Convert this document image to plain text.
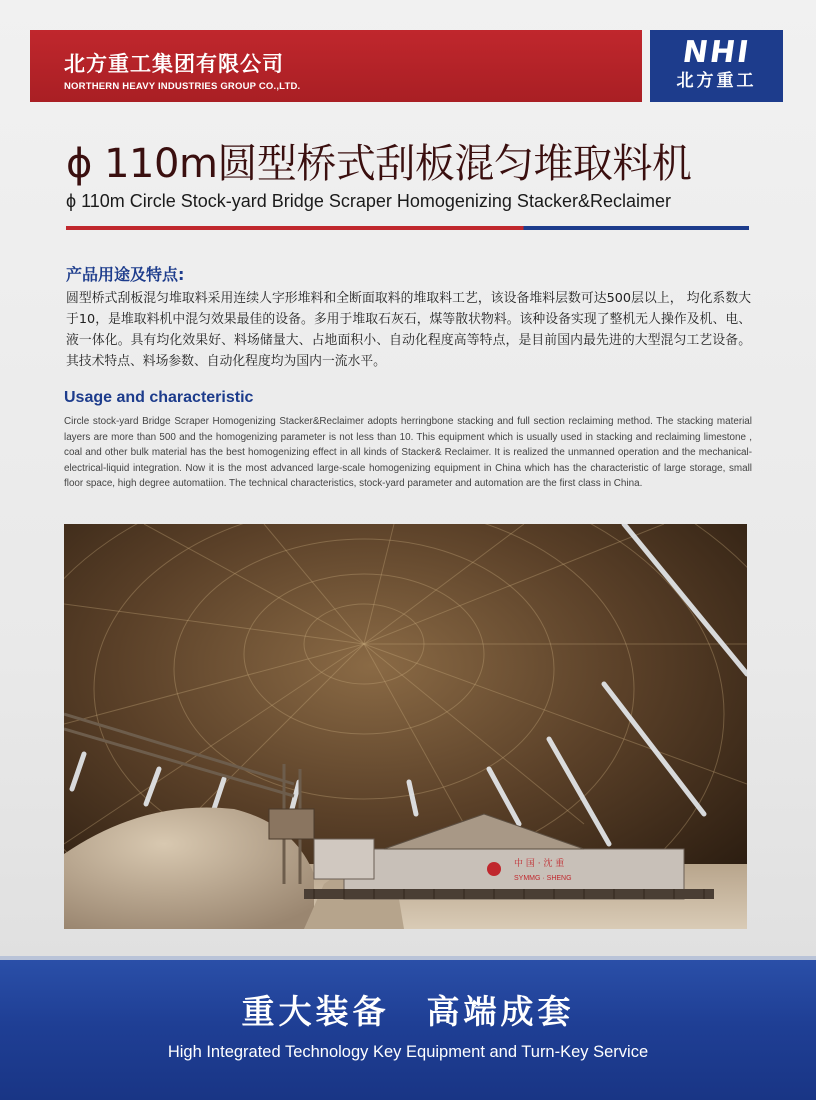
北方重工集团有限公司
NORTHERN HEAVY INDUSTRIES GROUP CO.,LTD.
NHI
北方重工
ϕ 110m圆型桥式刮板混匀堆取料机
ϕ 110m Circle Stock-yard Bridge Scraper Homogenizing Stacker&Reclaimer
产品用途及特点:
圆型桥式刮板混匀堆取料采用连续人字形堆料和全断面取料的堆取料工艺，该设备堆料层数可达500层以上， 均化系数大于10，是堆取料机中混匀效果最佳的设备。多用于堆取石灰石，煤等散状物料。该种设备实现了整机无人操作及机、电、液一体化。具有均化效果好、料场储量大、占地面积小、自动化程度高等特点，是目前国内最先进的大型混匀工艺设备。其技术特点、料场参数、自动化程度均为国内一流水平。
Usage and characteristic
Circle stock-yard Bridge Scraper Homogenizing Stacker&Reclaimer adopts herringbone stacking and full section reclaiming method. The stacking material layers are more than 500 and the homogenizing parameter is not less than 10. This equipment which is usually used in stacking and reclaiming limestone , coal and other bulk material has the best homogenizing effect in all kinds of Stacker& Reclaimer. It is realized the unmanned operation and the mechanical-electrical-liquid integration. Now it is the most advanced large-scale homogenizing equipment in China which has the characteristic of large storage, small floor space, high degree automatiion. The technical characteristics, stock-yard parameter and automation are the first class in China.
中 国 · 沈 重
SYMMG · SHENG
重大装备　高端成套
High Integrated Technology Key Equipment and Turn-Key Service
